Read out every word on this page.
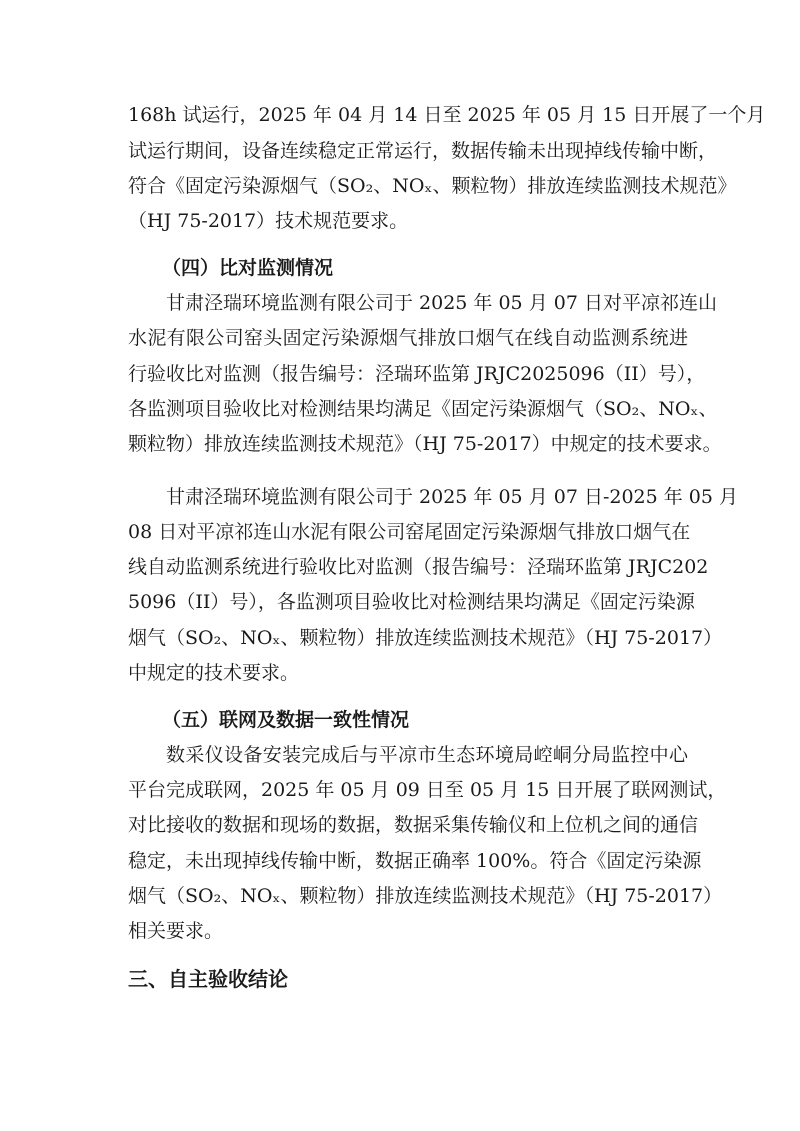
168h 试运行，2025 年 04 月 14 日至 2025 年 05 月 15 日开展了一个月
试运行期间，设备连续稳定正常运行，数据传输未出现掉线传输中断，
符合《固定污染源烟气（SO₂、NOₓ、颗粒物）排放连续监测技术规范》
（HJ 75-2017）技术规范要求。
（四）比对监测情况
甘肃泾瑞环境监测有限公司于 2025 年 05 月 07 日对平凉祁连山
水泥有限公司窑头固定污染源烟气排放口烟气在线自动监测系统进
行验收比对监测（报告编号：泾瑞环监第 JRJC2025096（II）号），
各监测项目验收比对检测结果均满足《固定污染源烟气（SO₂、NOₓ、
颗粒物）排放连续监测技术规范》（HJ 75-2017）中规定的技术要求。
甘肃泾瑞环境监测有限公司于 2025 年 05 月 07 日-2025 年 05 月
08 日对平凉祁连山水泥有限公司窑尾固定污染源烟气排放口烟气在
线自动监测系统进行验收比对监测（报告编号：泾瑞环监第 JRJC202
5096（II）号），各监测项目验收比对检测结果均满足《固定污染源
烟气（SO₂、NOₓ、颗粒物）排放连续监测技术规范》（HJ 75-2017）
中规定的技术要求。
（五）联网及数据一致性情况
数采仪设备安装完成后与平凉市生态环境局崆峒分局监控中心
平台完成联网，2025 年 05 月 09 日至 05 月 15 日开展了联网测试，
对比接收的数据和现场的数据，数据采集传输仪和上位机之间的通信
稳定，未出现掉线传输中断，数据正确率 100%。符合《固定污染源
烟气（SO₂、NOₓ、颗粒物）排放连续监测技术规范》（HJ 75-2017）
相关要求。
三、自主验收结论
